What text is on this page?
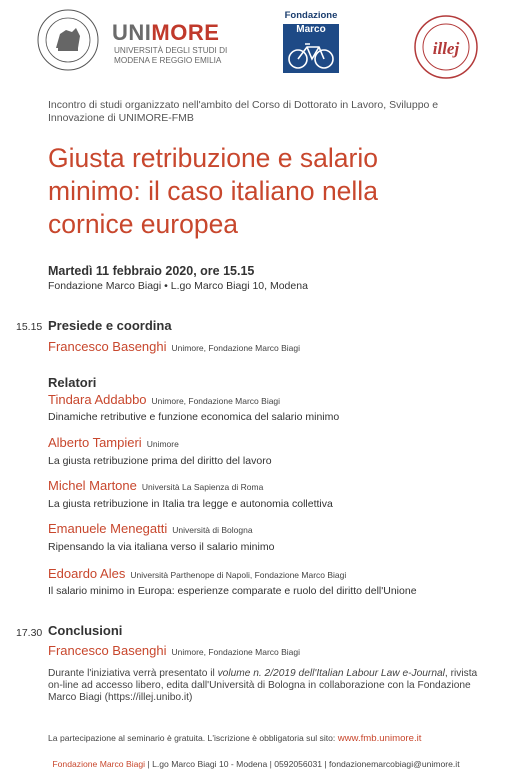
UNIMORE
UNIVERSITÀ DEGLI STUDI DI
MODENA E REGGIO EMILIA
Fondazione
Marco
illej
Incontro di studi organizzato nell'ambito del Corso di Dottorato in Lavoro, Sviluppo e Innovazione di UNIMORE-FMB
Giusta retribuzione e salario
minimo: il caso italiano nella
cornice europea
Martedì 11 febbraio 2020, ore 15.15
Fondazione Marco Biagi • L.go Marco Biagi 10, Modena
15.15 Presiede e coordina
Francesco Basenghi Unimore, Fondazione Marco Biagi
Relatori
Tindara Addabbo Unimore, Fondazione Marco Biagi
Dinamiche retributive e funzione economica del salario minimo
Alberto Tampieri Unimore
La giusta retribuzione prima del diritto del lavoro
Michel Martone Università La Sapienza di Roma
La giusta retribuzione in Italia tra legge e autonomia collettiva
Emanuele Menegatti Università di Bologna
Ripensando la via italiana verso il salario minimo
Edoardo Ales Università Parthenope di Napoli, Fondazione Marco Biagi
Il salario minimo in Europa: esperienze comparate e ruolo del diritto dell'Unione
17.30 Conclusioni
Francesco Basenghi Unimore, Fondazione Marco Biagi
Durante l'iniziativa verrà presentato il volume n. 2/2019 dell'Italian Labour Law e-Journal, rivista on-line ad accesso libero, edita dall'Università di Bologna in collaborazione con la Fondazione Marco Biagi (https://illej.unibo.it)
La partecipazione al seminario è gratuita. L'iscrizione è obbligatoria sul sito: www.fmb.unimore.it
Fondazione Marco Biagi | L.go Marco Biagi 10 - Modena | 0592056031 | fondazionemarcobiagi@unimore.it
